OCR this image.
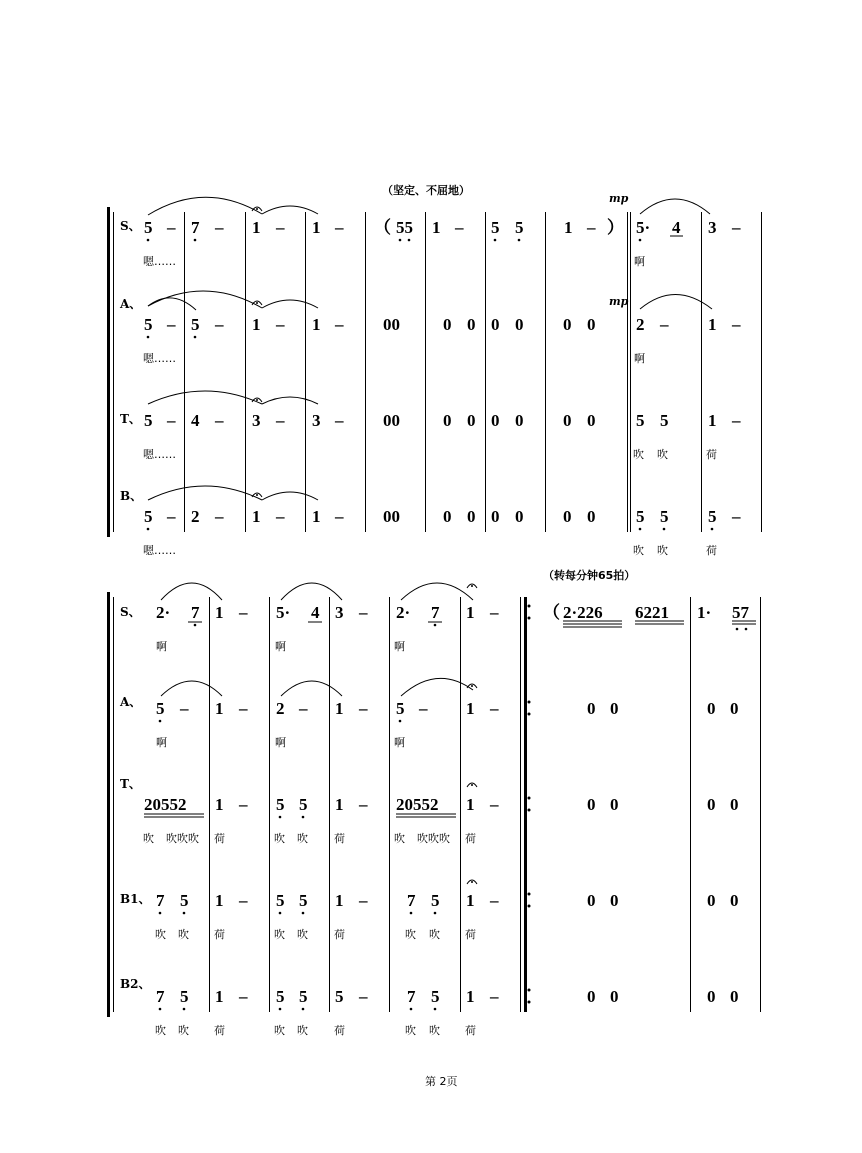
（坚定、不屈地）
mp
mp
S、 5 – 7 – 1 – 1 – （ 55 1 – 5 5 1 – ） 5· 4 3 –
嗯……	啊
A、
5 – 5 – 1 – 1 – 00	0 0 0 0 0 0 2 – 1 –
嗯……	啊
T、 5 – 4 – 3 – 3 – 00	0 0 0 0 0 0 5 5 1 –
嗯……	吹 吹	荷
B、
5 – 2 – 1 – 1 – 00	0 0 0 0 0 0 5 5 5 –
嗯……	吹 吹	荷
（转每分钟65拍）
S、 2· 7 1 – 5· 4 3 – 2· 7 1 –	（ 2·226 6221 1· 57
啊	啊	啊
A、 5 – 1 – 2 – 1 – 5 – 1 –	0 0	0 0
啊	啊	啊
T、
20552 1 – 5 5 1 – 20552 1 –	0 0	0 0
吹 吹吹吹 荷	吹 吹 荷	吹 吹吹吹 荷
B1、 7 5 1 – 5 5 1 – 7 5 1 –	0 0	0 0
吹 吹 荷	吹 吹 荷	吹 吹 荷
B2、
7 5 1 – 5 5 5 – 7 5 1 –	0 0	0 0
吹 吹 荷	吹 吹 荷	吹 吹 荷
第 2页
